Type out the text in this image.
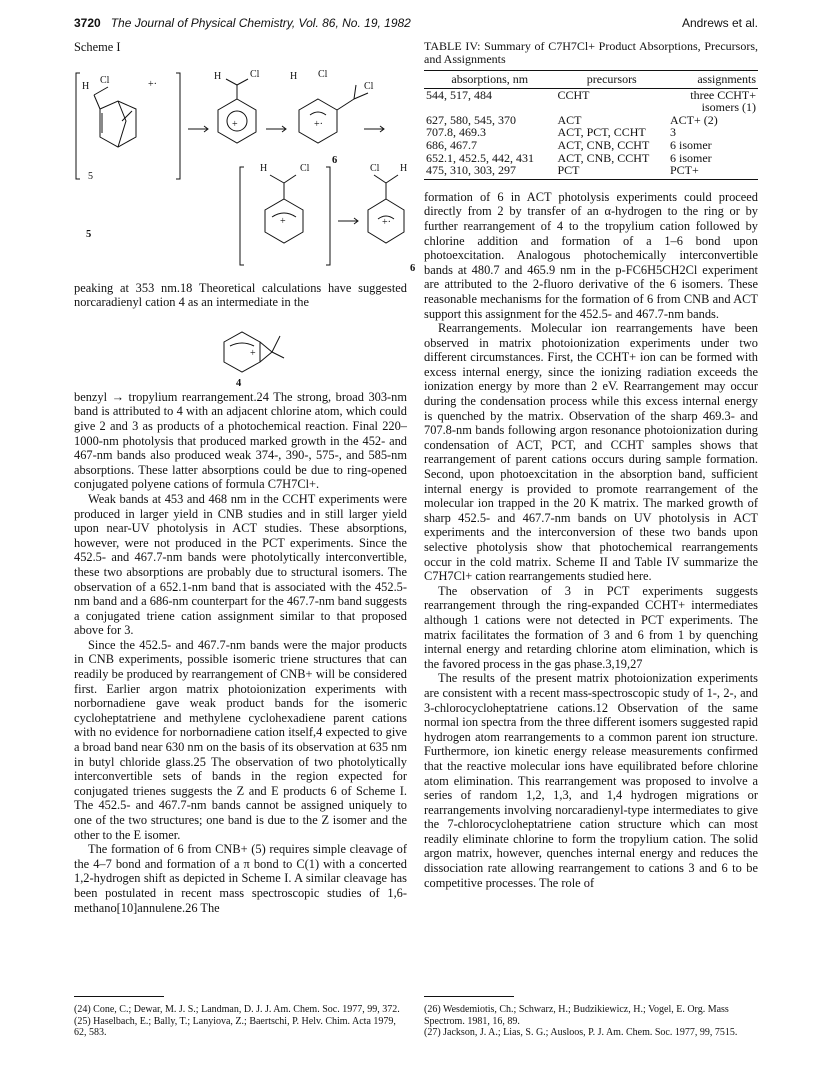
3720 The Journal of Physical Chemistry, Vol. 86, No. 19, 1982	Andrews et al.
Scheme I
H
Cl	+·
5
H	Cl
+
H Cl
+·
Cl
H	Cl
+
Cl H
+·
5
6
6

peaking at 353 nm.18 Theoretical calculations have suggested norcaradienyl cation 4 as an intermediate in the

+
4

benzyl → tropylium rearrangement.24 The strong, broad 303-nm band is attributed to 4 with an adjacent chlorine atom, which could give 2 and 3 as products of a photochemical reaction. Final 220–1000-nm photolysis that produced marked growth in the 452- and 467-nm bands also produced weak 374-, 390-, 575-, and 585-nm absorptions. These latter absorptions could be due to ring-opened conjugated polyene cations of formula C7H7Cl+.

Weak bands at 453 and 468 nm in the CCHT experiments were produced in larger yield in CNB studies and in still larger yield upon near-UV photolysis in ACT studies. These absorptions, however, were not produced in the PCT experiments. Since the 452.5- and 467.7-nm bands were photolytically interconvertible, these two absorptions are probably due to structural isomers. The observation of a 652.1-nm band that is associated with the 452.5-nm band and a 686-nm counterpart for the 467.7-nm band suggests a conjugated triene cation assignment similar to that proposed above for 3.

Since the 452.5- and 467.7-nm bands were the major products in CNB experiments, possible isomeric triene structures that can readily be produced by rearrangement of CNB+ will be considered first. Earlier argon matrix photoionization experiments with norbornadiene gave weak product bands for the isomeric cycloheptatriene and methylene cyclohexadiene parent cations with no evidence for norbornadiene cation itself,4 expected to give a broad band near 630 nm on the basis of its observation at 635 nm in butyl chloride glass.25 The observation of two photolytically interconvertible sets of bands in the region expected for conjugated trienes suggests the Z and E products 6 of Scheme I. The 452.5- and 467.7-nm bands cannot be assigned uniquely to one of the two structures; one band is due to the Z isomer and the other to the E isomer.

The formation of 6 from CNB+ (5) requires simple cleavage of the 4–7 bond and formation of a π bond to C(1) with a concerted 1,2-hydrogen shift as depicted in Scheme I. A similar cleavage has been postulated in recent mass spectroscopic studies of 1,6-methano[10]annulene.26 The

TABLE IV: Summary of C7H7Cl+ Product Absorptions, Precursors, and Assignments
absorptions, nm	precursors	assignments
544, 517, 484	CCHT	three CCHT+ isomers (1)
627, 580, 545, 370	ACT	ACT+ (2)
707.8, 469.3	ACT, PCT, CCHT	3
686, 467.7	ACT, CNB, CCHT	6 isomer
652.1, 452.5, 442, 431	ACT, CNB, CCHT	6 isomer
475, 310, 303, 297	PCT	PCT+

formation of 6 in ACT photolysis experiments could proceed directly from 2 by transfer of an α-hydrogen to the ring or by further rearrangement of 4 to the tropylium cation followed by chlorine addition and formation of a 1–6 bond upon photoexcitation. Analogous photochemically interconvertible bands at 480.7 and 465.9 nm in the p-FC6H5CH2Cl experiment are attributed to the 2-fluoro derivative of the 6 isomers. These reasonable mechanisms for the formation of 6 from CNB and ACT support this assignment for the 452.5- and 467.7-nm bands.

Rearrangements. Molecular ion rearrangements have been observed in matrix photoionization experiments under two different circumstances. First, the CCHT+ ion can be formed with excess internal energy, since the ionizing radiation exceeds the ionization energy by more than 2 eV. Rearrangement may occur during the condensation process while this excess internal energy is quenched by the matrix. Observation of the sharp 469.3- and 707.8-nm bands following argon resonance photoionization during condensation of ACT, PCT, and CCHT samples shows that rearrangement of parent cations occurs during sample formation. Second, upon photoexcitation in the absorption band, sufficient internal energy is provided to promote rearrangement of the molecular ion trapped in the 20 K matrix. The marked growth of sharp 452.5- and 467.7-nm bands on UV photolysis in ACT experiments and the interconversion of these two bands upon selective photolysis show that photochemical rearrangements occur in the cold matrix. Scheme II and Table IV summarize the C7H7Cl+ cation rearrangements studied here.

The observation of 3 in PCT experiments suggests rearrangement through the ring-expanded CCHT+ intermediates although 1 cations were not detected in PCT experiments. The matrix facilitates the formation of 3 and 6 from 1 by quenching internal energy and retarding chlorine atom elimination, which is the favored process in the gas phase.3,19,27

The results of the present matrix photoionization experiments are consistent with a recent mass-spectroscopic study of 1-, 2-, and 3-chlorocycloheptatriene cations.12 Observation of the same normal ion spectra from the three different isomers suggested rapid hydrogen atom rearrangements to a common parent ion structure. Furthermore, ion kinetic energy release measurements confirmed that the reactive molecular ions have equilibrated before chlorine atom elimination. This rearrangement was proposed to involve a series of random 1,2, 1,3, and 1,4 hydrogen migrations or rearrangements involving norcaradienyl-type intermediates to give the 7-chlorocycloheptatriene cation structure which can most readily eliminate chlorine to form the tropylium cation. The solid argon matrix, however, quenches internal energy and reduces the dissociation rate allowing rearrangement to cations 3 and 6 to be competitive processes. The role of

(24) Cone, C.; Dewar, M. J. S.; Landman, D. J. J. Am. Chem. Soc. 1977, 99, 372.
(25) Haselbach, E.; Bally, T.; Lanyiova, Z.; Baertschi, P. Helv. Chim. Acta 1979, 62, 583.
(26) Wesdemiotis, Ch.; Schwarz, H.; Budzikiewicz, H.; Vogel, E. Org. Mass Spectrom. 1981, 16, 89.
(27) Jackson, J. A.; Lias, S. G.; Ausloos, P. J. Am. Chem. Soc. 1977, 99, 7515.
